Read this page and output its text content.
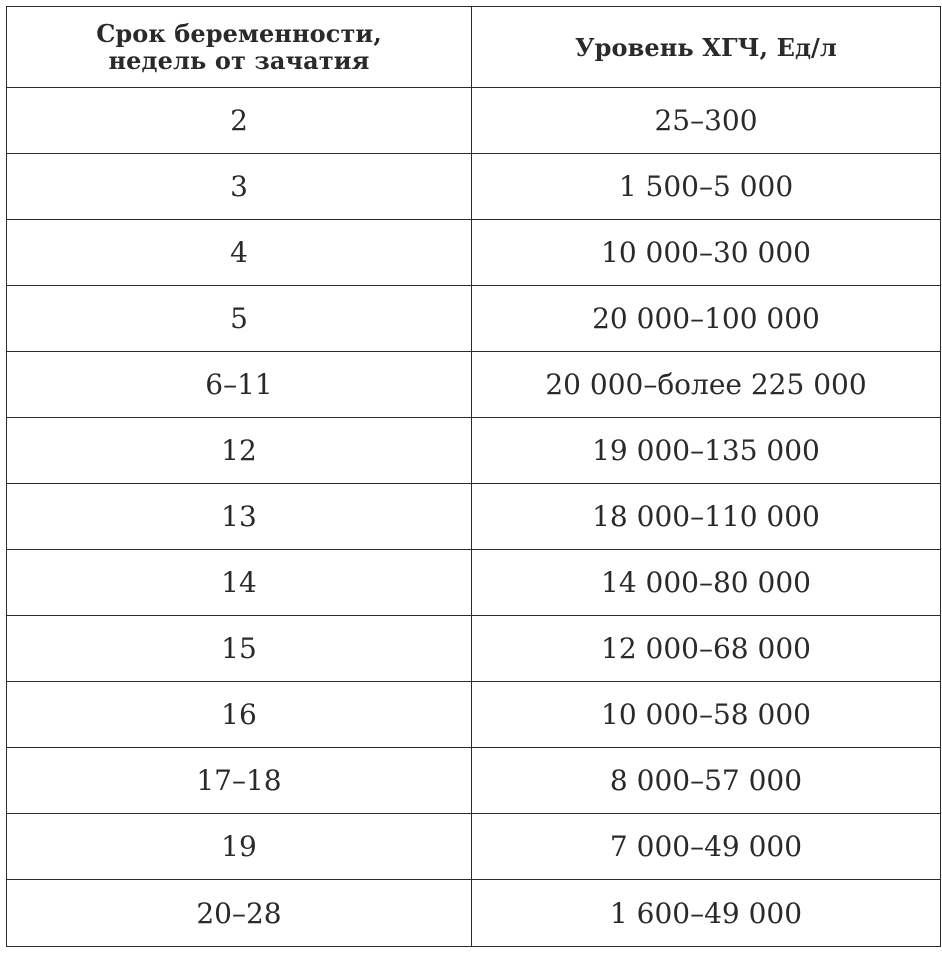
Срок беременности,
недель от зачатия	Уровень ХГЧ, Ед/л
2	25–300
3	1 500–5 000
4	10 000–30 000
5	20 000–100 000
6–11	20 000–более 225 000
12	19 000–135 000
13	18 000–110 000
14	14 000–80 000
15	12 000–68 000
16	10 000–58 000
17–18	8 000–57 000
19	7 000–49 000
20–28	1 600–49 000
